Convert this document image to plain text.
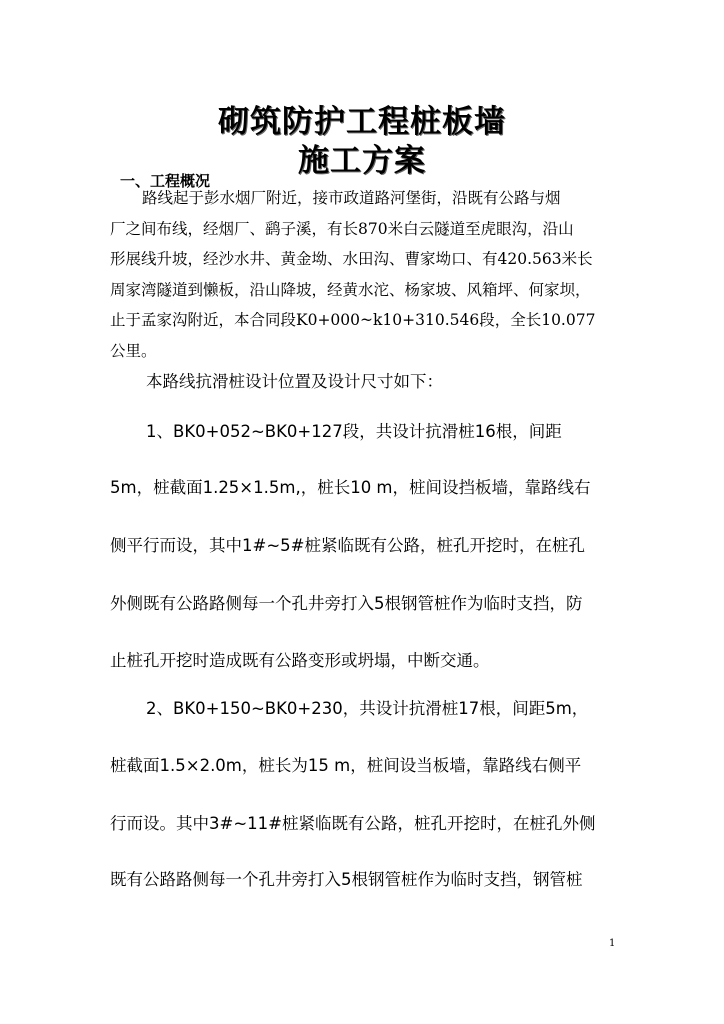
砌筑防护工程桩板墙
施工方案
一、工程概况
路线起于彭水烟厂附近，接市政道路河堡街，沿既有公路与烟
厂之间布线，经烟厂、鹞子溪，有长870米白云隧道至虎眼沟，沿山
形展线升坡，经沙水井、黄金坳、水田沟、曹家坳口、有420.563米长
周家湾隧道到懒板，沿山降坡，经黄水沱、杨家坡、风箱坪、何家坝，
止于孟家沟附近，本合同段K0+000~k10+310.546段，全长10.077
公里。
本路线抗滑桩设计位置及设计尺寸如下：
1、BK0+052~BK0+127段，共设计抗滑桩16根，间距
5m，桩截面1.25×1.5m,，桩长10 m，桩间设挡板墙，靠路线右
侧平行而设，其中1#~5#桩紧临既有公路，桩孔开挖时，在桩孔
外侧既有公路路侧每一个孔井旁打入5根钢管桩作为临时支挡，防
止桩孔开挖时造成既有公路变形或坍塌，中断交通。
2、BK0+150~BK0+230，共设计抗滑桩17根，间距5m，
桩截面1.5×2.0m，桩长为15 m，桩间设当板墙，靠路线右侧平
行而设。其中3#~11#桩紧临既有公路，桩孔开挖时，在桩孔外侧
既有公路路侧每一个孔井旁打入5根钢管桩作为临时支挡，钢管桩
1
